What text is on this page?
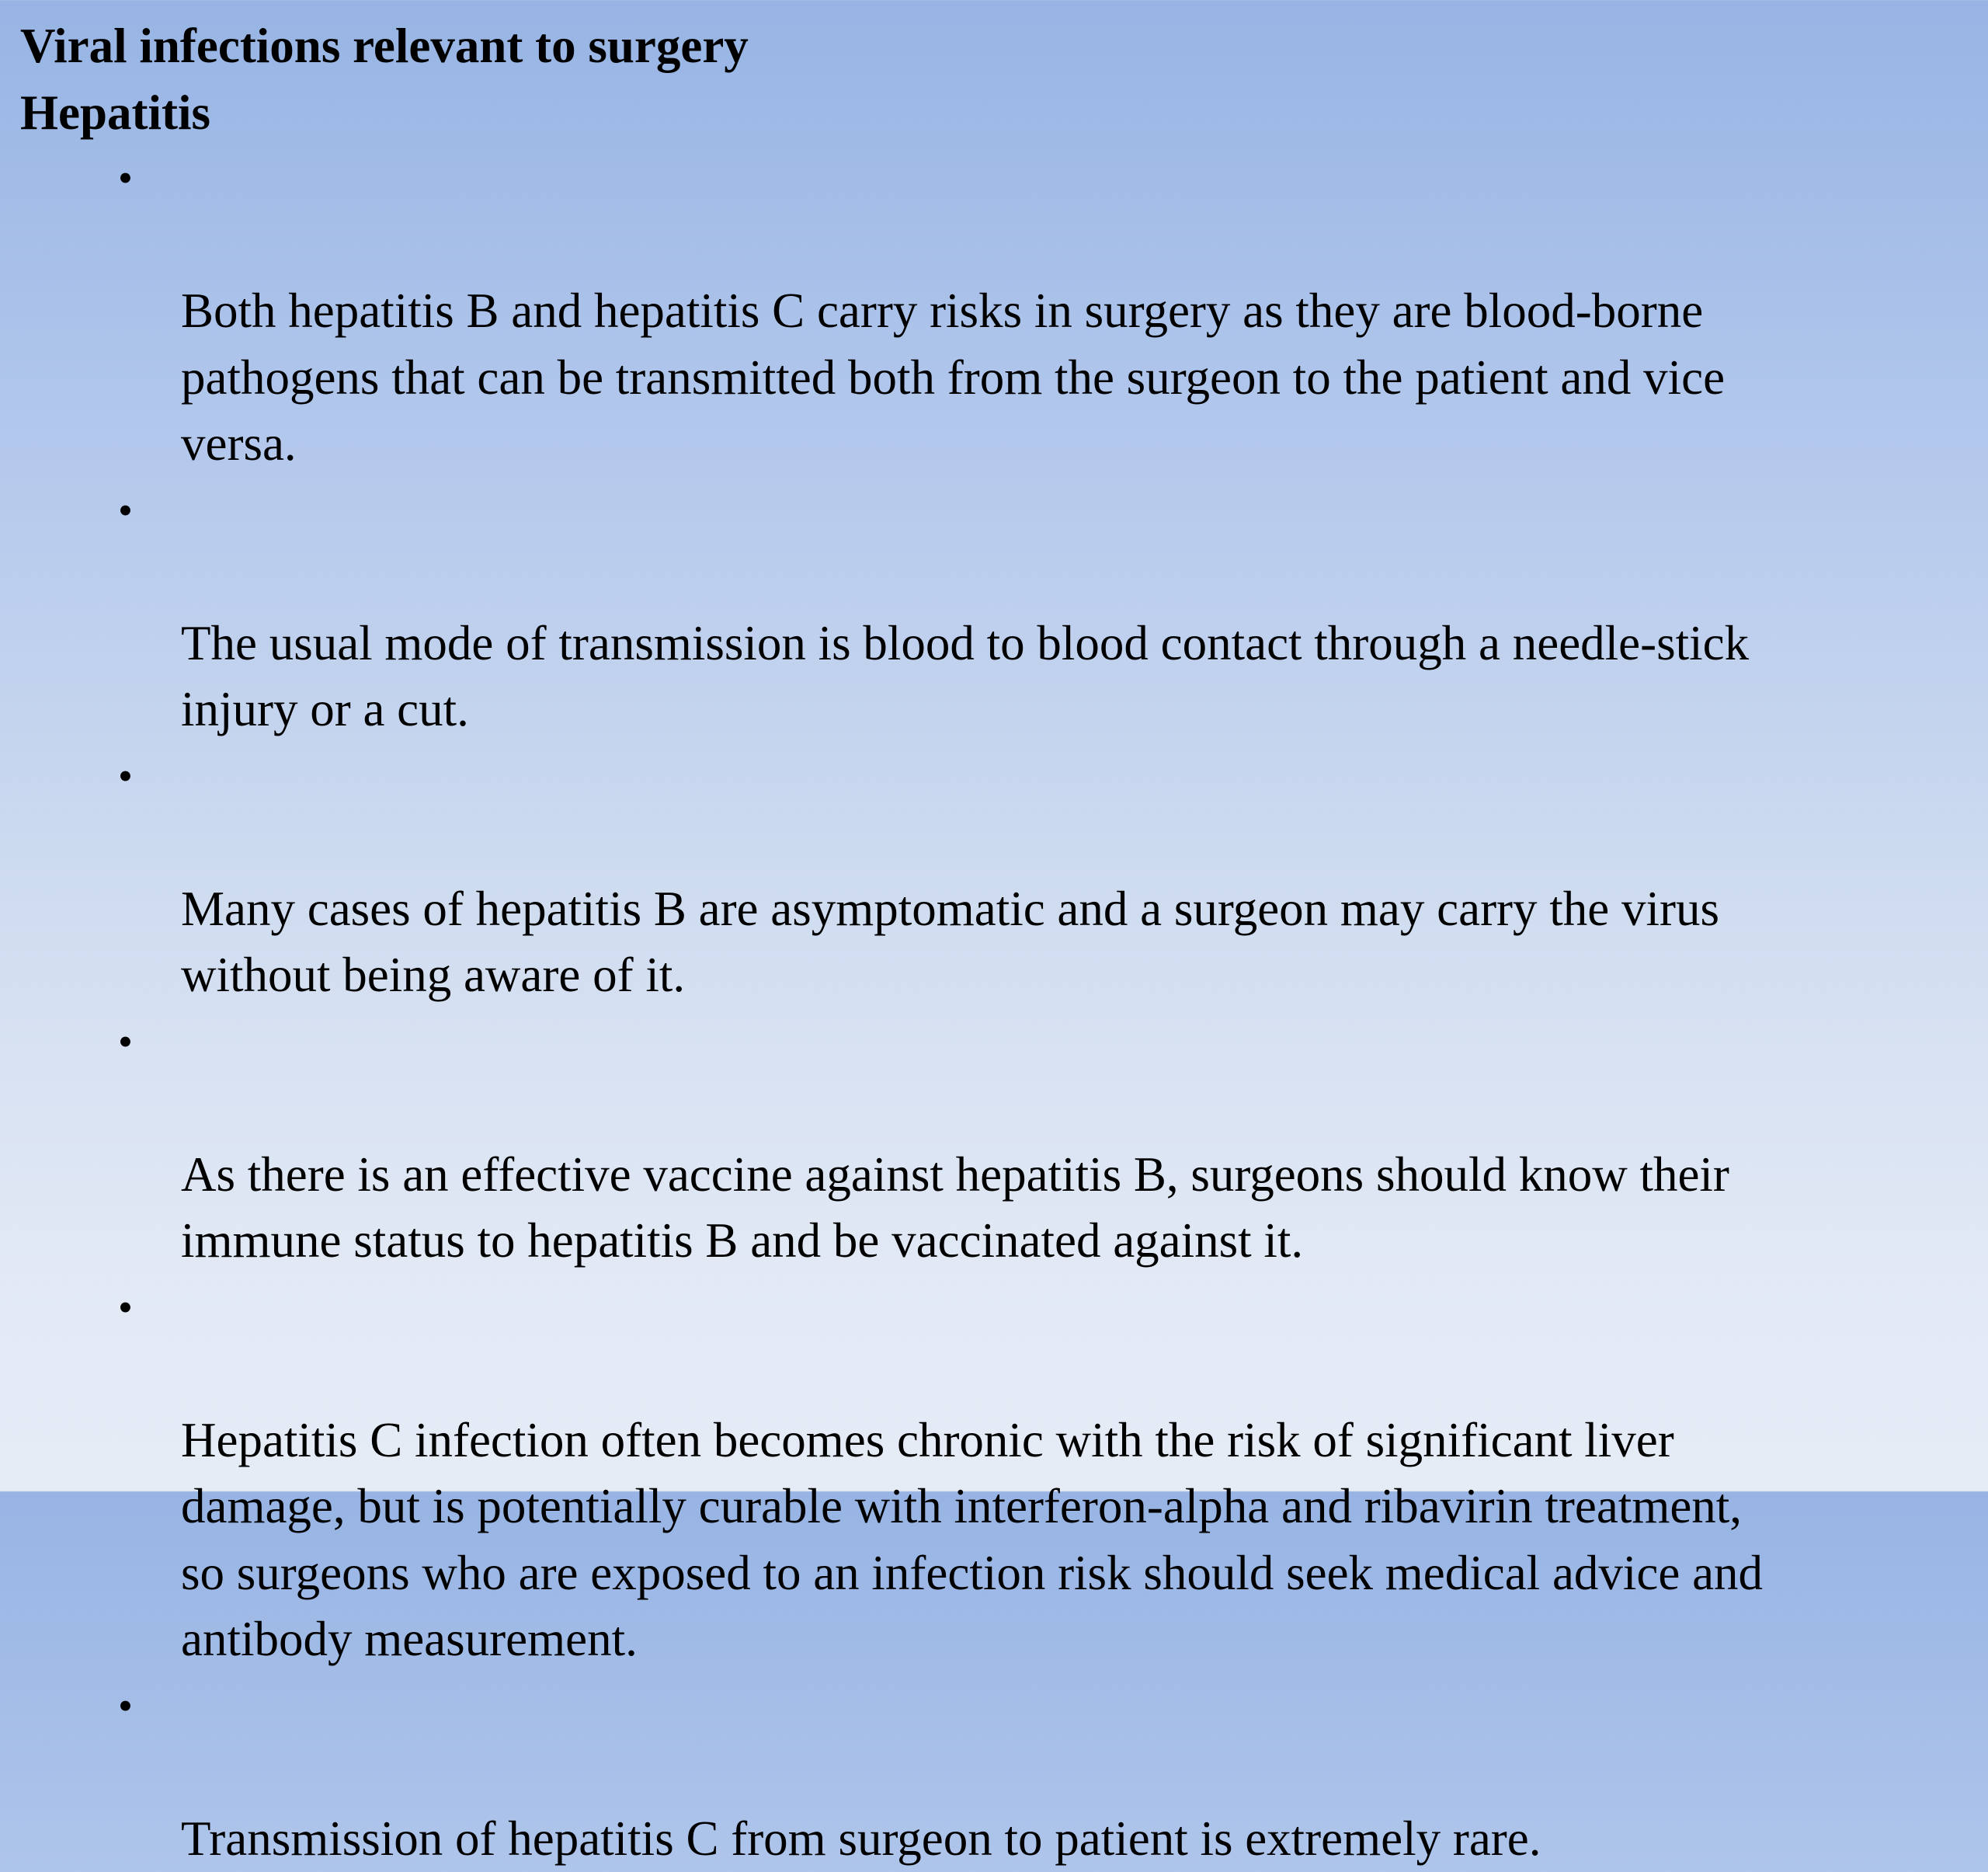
Viral infections relevant to surgery
Hepatitis

•

Both hepatitis B and hepatitis C carry risks in surgery as they are blood-borne
pathogens that can be transmitted both from the surgeon to the patient and vice
versa.

•

The usual mode of transmission is blood to blood contact through a needle-stick
injury or a cut.

•

Many cases of hepatitis B are asymptomatic and a surgeon may carry the virus
without being aware of it.

•

As there is an effective vaccine against hepatitis B, surgeons should know their
immune status to hepatitis B and be vaccinated against it.

•

Hepatitis C infection often becomes chronic with the risk of significant liver
damage, but is potentially curable with interferon-alpha and ribavirin treatment,
so surgeons who are exposed to an infection risk should seek medical advice and
antibody measurement.

•

Transmission of hepatitis C from surgeon to patient is extremely rare.
